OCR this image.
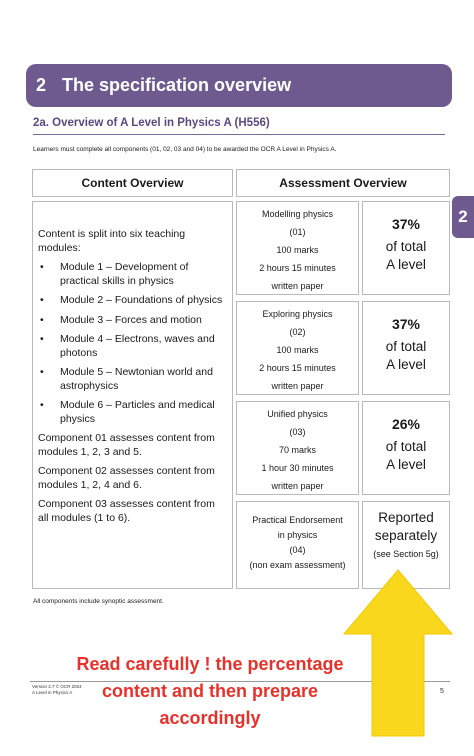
2 The specification overview
2a. Overview of A Level in Physics A (H556)
Learners must complete all components (01, 02, 03 and 04) to be awarded the OCR A Level in Physics A.
2
Content Overview	Assessment Overview

Content is split into six teaching modules:

• Module 1 – Development of practical skills in physics
• Module 2 – Foundations of physics
• Module 3 – Forces and motion
• Module 4 – Electrons, waves and photons
• Module 5 – Newtonian world and astrophysics
• Module 6 – Particles and medical physics

Component 01 assesses content from modules 1, 2, 3 and 5.

Component 02 assesses content from modules 1, 2, 4 and 6.

Component 03 assesses content from all modules (1 to 6).

Modelling physics
(01)
100 marks
2 hours 15 minutes
written paper
37%
of total
A level
Exploring physics
(02)
100 marks
2 hours 15 minutes
written paper
37%
of total
A level
Unified physics
(03)
70 marks
1 hour 30 minutes
written paper
26%
of total
A level
Practical Endorsement
in physics
(04)
(non exam assessment)
Reported
separately
(see Section 5g)
All components include synoptic assessment.
Version 2.7 © OCR 2024
A Level in Physics A	5
Read carefully ! the percentage
content and then prepare
accordingly
